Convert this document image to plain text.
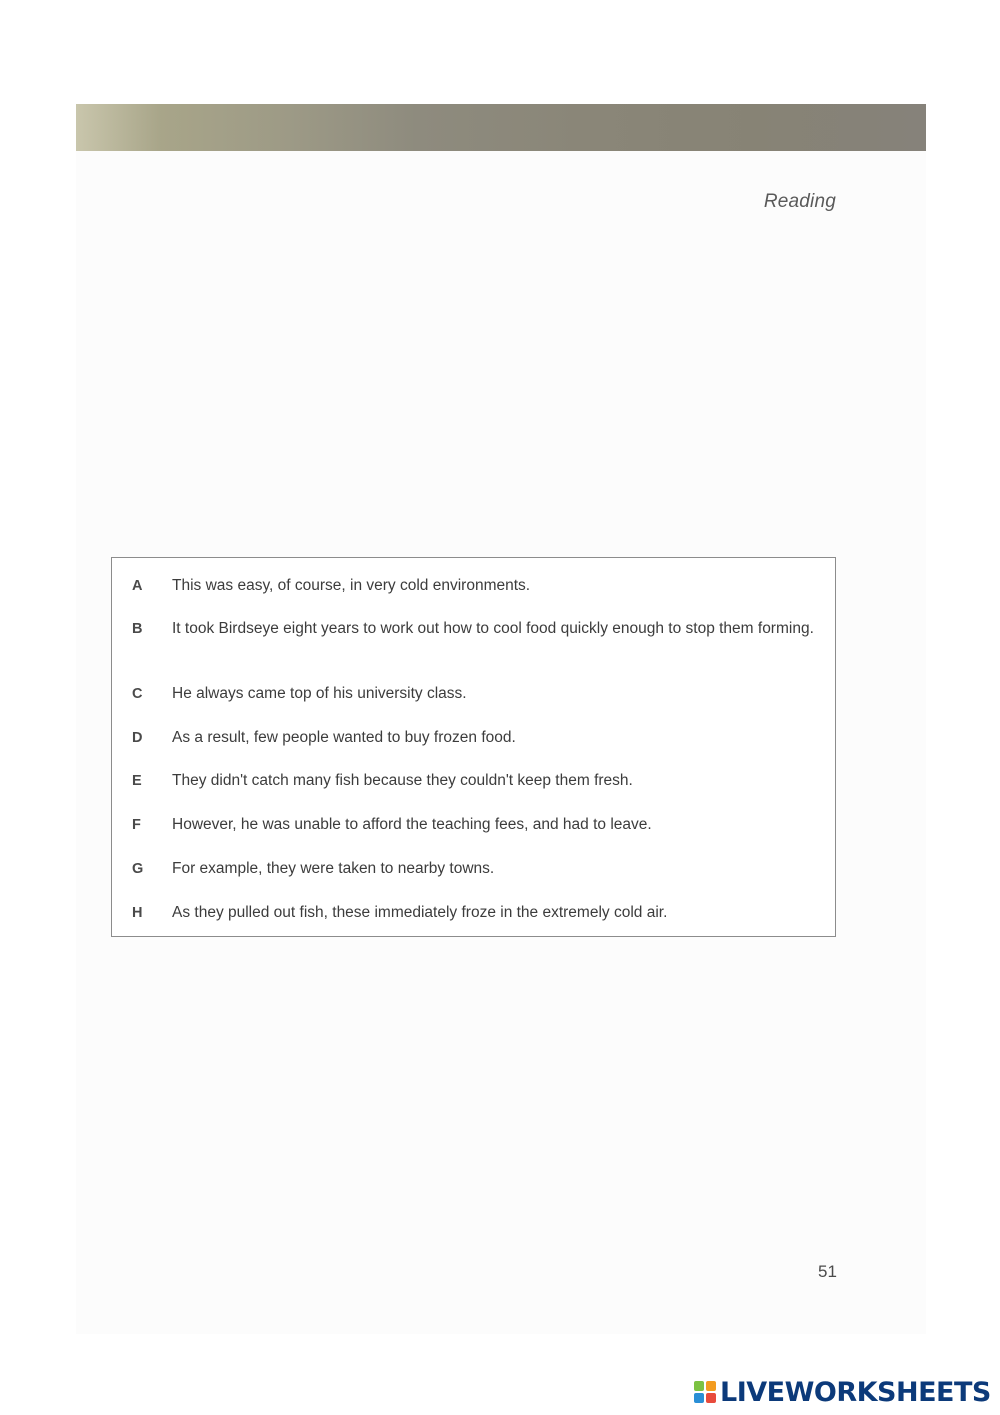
Reading
A This was easy, of course, in very cold environments.
B It took Birdseye eight years to work out how to cool food quickly enough to stop them forming.
C He always came top of his university class.
D As a result, few people wanted to buy frozen food.
E They didn't catch many fish because they couldn't keep them fresh.
F However, he was unable to afford the teaching fees, and had to leave.
G For example, they were taken to nearby towns.
H As they pulled out fish, these immediately froze in the extremely cold air.
51
LIVEWORKSHEETS
